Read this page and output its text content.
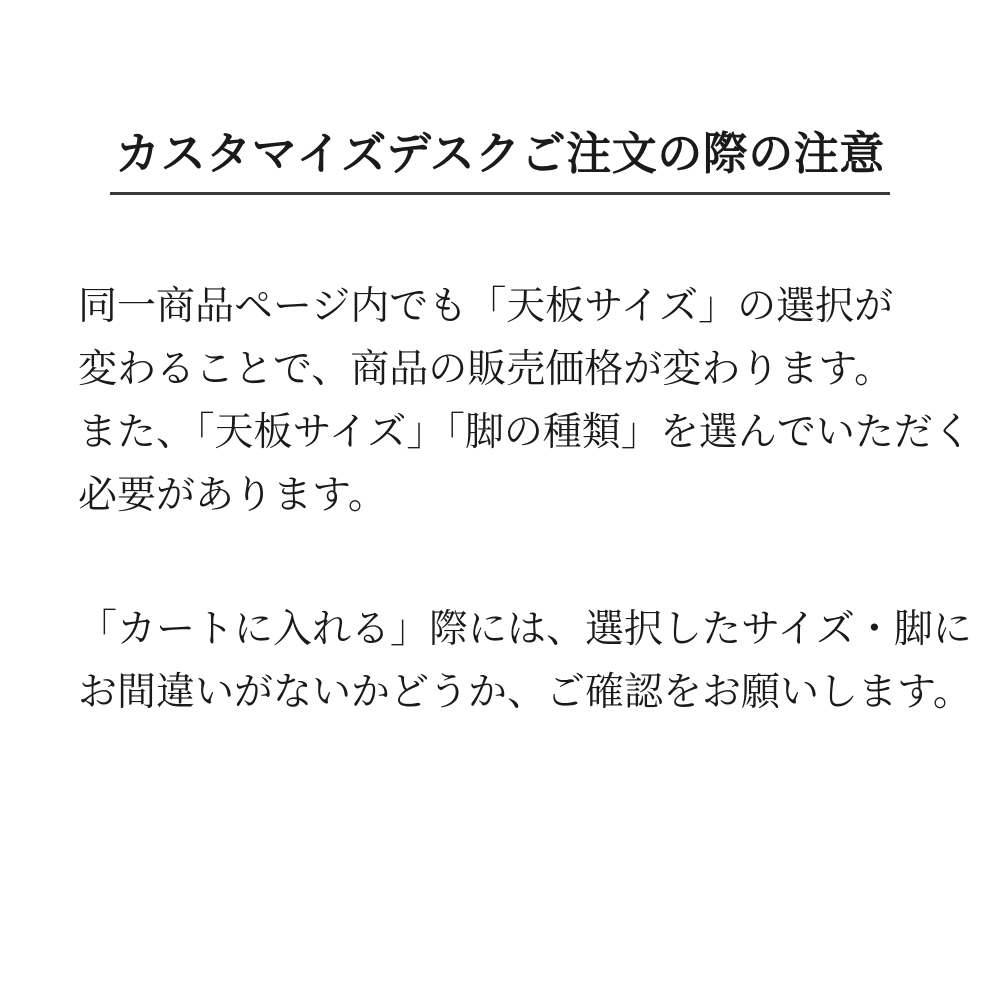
カスタマイズデスクご注文の際の注意

同一商品ページ内でも「天板サイズ」の選択が
変わることで、商品の販売価格が変わります。
また、「天板サイズ」「脚の種類」を選んでいただく
必要があります。

「カートに入れる」際には、選択したサイズ・脚に
お間違いがないかどうか、ご確認をお願いします。
